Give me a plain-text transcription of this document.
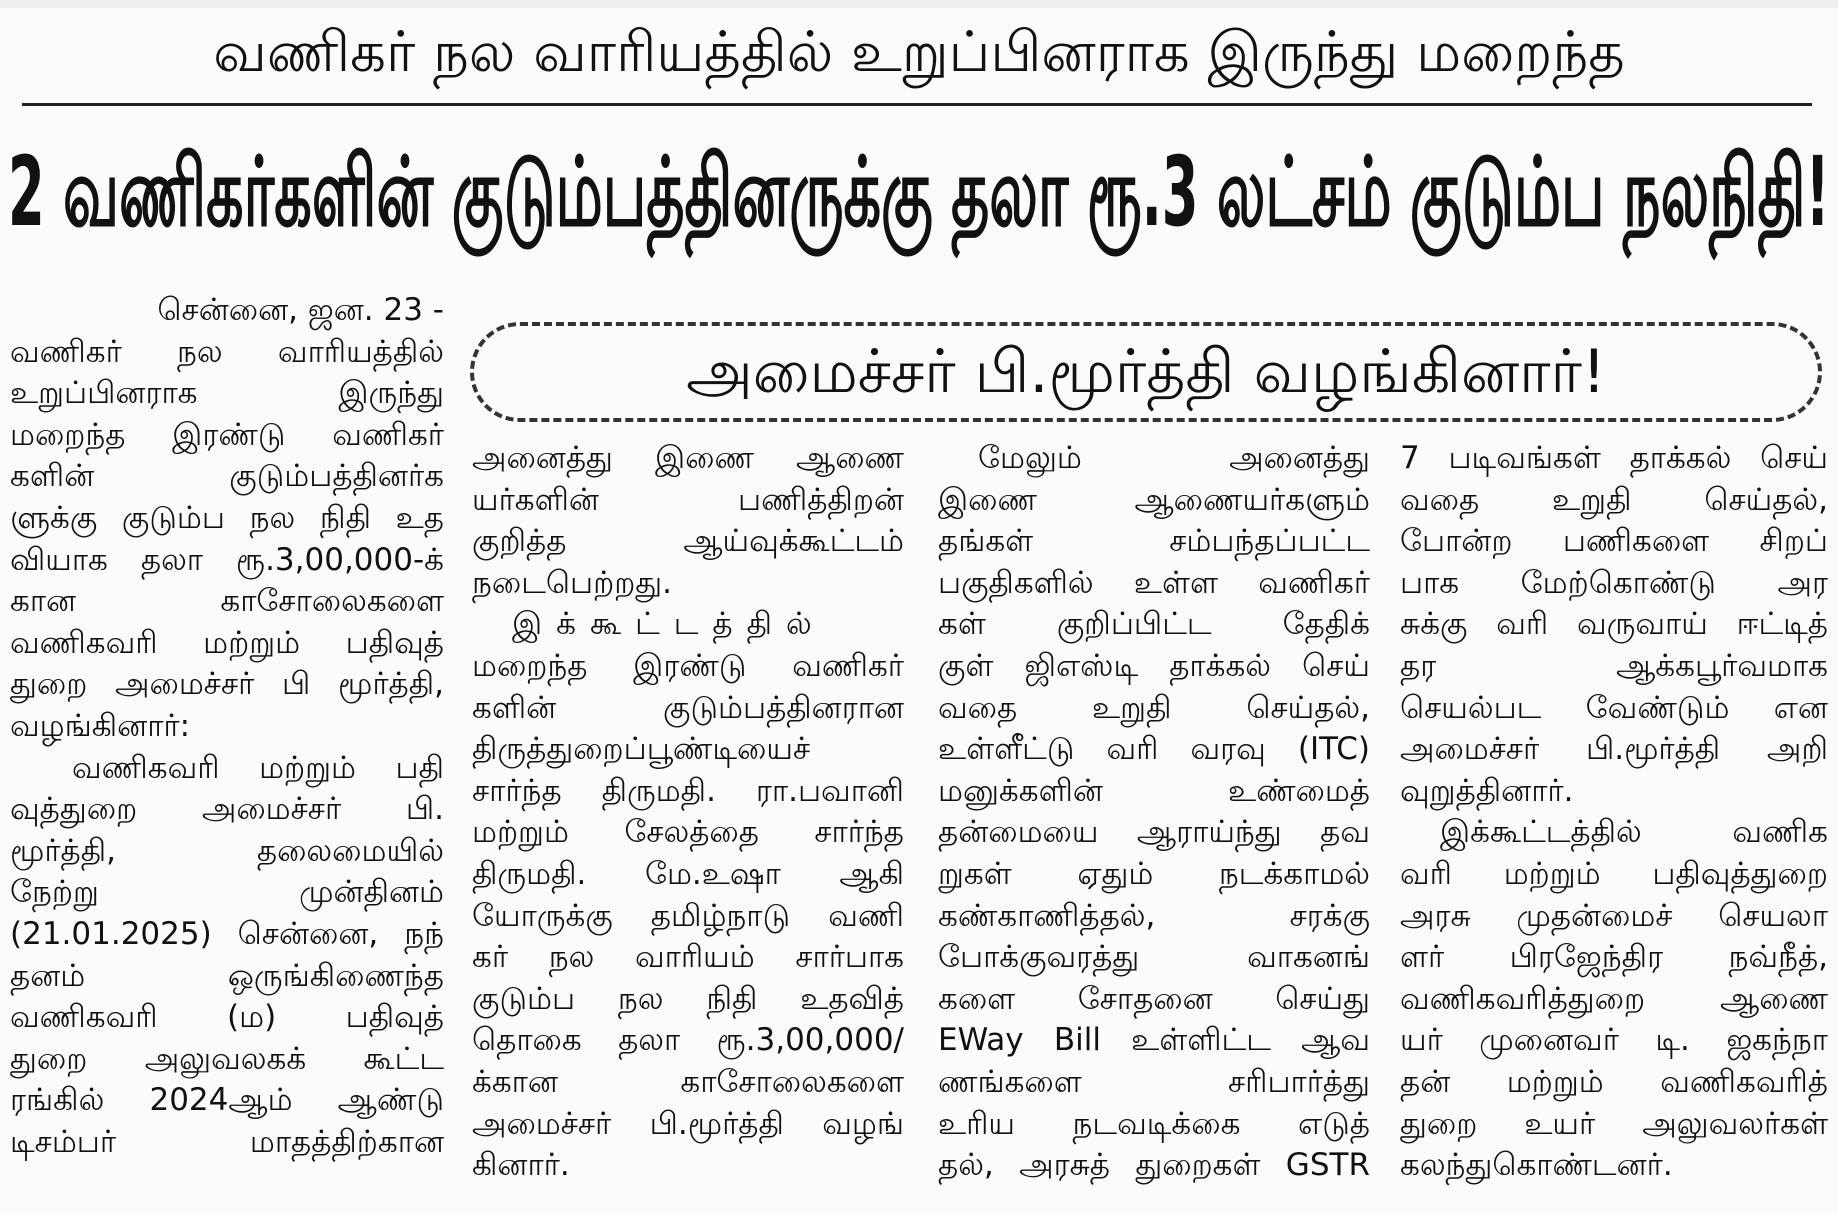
வணிகர் நல வாரியத்தில் உறுப்பினராக இருந்து மறைந்த
2 வணிகர்களின் குடும்பத்தினருக்கு தலா ரூ.3 லட்சம் குடும்ப நலநிதி!
அமைச்சர் பி.மூர்த்தி வழங்கினார்!

சென்னை, ஜன. 23 -

வணிகர் நல வாரியத்தில்

உறுப்பினராக இருந்து

மறைந்த இரண்டு வணிகர்

களின் குடும்பத்தினர்க

ளுக்கு குடும்ப நல நிதி உத

வியாக தலா ரூ.3,00,000-க்

கான காசோலைகளை

வணிகவரி மற்றும் பதிவுத்

துறை அமைச்சர் பி மூர்த்தி,

வழங்கினார்:

வணிகவரி மற்றும் பதி

வுத்துறை அமைச்சர் பி.

மூர்த்தி, தலைமையில்

நேற்று முன்தினம்

(21.01.2025) சென்னை, நந்

தனம் ஒருங்கிணைந்த

வணிகவரி (ம) பதிவுத்

துறை அலுவலகக் கூட்ட

ரங்கில் 2024ஆம் ஆண்டு

டிசம்பர் மாதத்திற்கான

அனைத்து இணை ஆணை

யர்களின் பணித்திறன்

குறித்த ஆய்வுக்கூட்டம்

நடைபெற்றது.

இக்கூட்டத்தில்

மறைந்த இரண்டு வணிகர்

களின் குடும்பத்தினரான

திருத்துறைப்பூண்டியைச்

சார்ந்த திருமதி. ரா.பவானி

மற்றும் சேலத்தை சார்ந்த

திருமதி. மே.உஷா ஆகி

யோருக்கு தமிழ்நாடு வணி

கர் நல வாரியம் சார்பாக

குடும்ப நல நிதி உதவித்

தொகை தலா ரூ.3,00,000/

க்கான காசோலைகளை

அமைச்சர் பி.மூர்த்தி வழங்

கினார்.

மேலும் அனைத்து

இணை ஆணையர்களும்

தங்கள் சம்பந்தப்பட்ட

பகுதிகளில் உள்ள வணிகர்

கள் குறிப்பிட்ட தேதிக்

குள் ஜிஎஸ்டி தாக்கல் செய்

வதை உறுதி செய்தல்,

உள்ளீட்டு வரி வரவு (ITC)

மனுக்களின் உண்மைத்

தன்மையை ஆராய்ந்து தவ

றுகள் ஏதும் நடக்காமல்

கண்காணித்தல், சரக்கு

போக்குவரத்து வாகனங்

களை சோதனை செய்து

EWay Bill உள்ளிட்ட ஆவ

ணங்களை சரிபார்த்து

உரிய நடவடிக்கை எடுத்

தல், அரசுத் துறைகள் GSTR

7 படிவங்கள் தாக்கல் செய்

வதை உறுதி செய்தல்,

போன்ற பணிகளை சிறப்

பாக மேற்கொண்டு அர

சுக்கு வரி வருவாய் ஈட்டித்

தர ஆக்கபூர்வமாக

செயல்பட வேண்டும் என

அமைச்சர் பி.மூர்த்தி அறி

வுறுத்தினார்.

இக்கூட்டத்தில் வணிக

வரி மற்றும் பதிவுத்துறை

அரசு முதன்மைச் செயலா

ளர் பிரஜேந்திர நவ்நீத்,

வணிகவரித்துறை ஆணை

யர் முனைவர் டி. ஜகந்நா

தன் மற்றும் வணிகவரித்

துறை உயர் அலுவலர்கள்

கலந்துகொண்டனர்.
